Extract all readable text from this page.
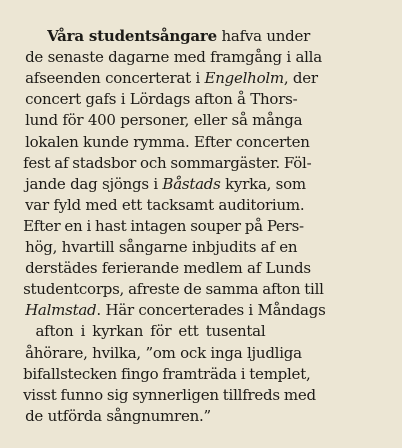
Våra studentsångare hafva under

de senaste dagarne med framgång i alla

afseenden concerterat i Engelholm, der

concert gafs i Lördags afton å Thors-

lund för 400 personer, eller så många

lokalen kunde rymma. Efter concerten

fest af stadsbor och sommargäster. Föl-

jande dag sjöngs i Båstads kyrka, som

var fyld med ett tacksamt auditorium.

Efter en i hast intagen souper på Pers-

hög, hvartill sångarne inbjudits af en

derstädes ferierande medlem af Lunds

studentcorps, afreste de samma afton till

Halmstad. Här concerterades i Måndags

afton i kyrkan för ett tusental

åhörare, hvilka, ”om ock inga ljudliga

bifallstecken fingo framträda i templet,

visst funno sig synnerligen tillfreds med

de utförda sångnumren.”
